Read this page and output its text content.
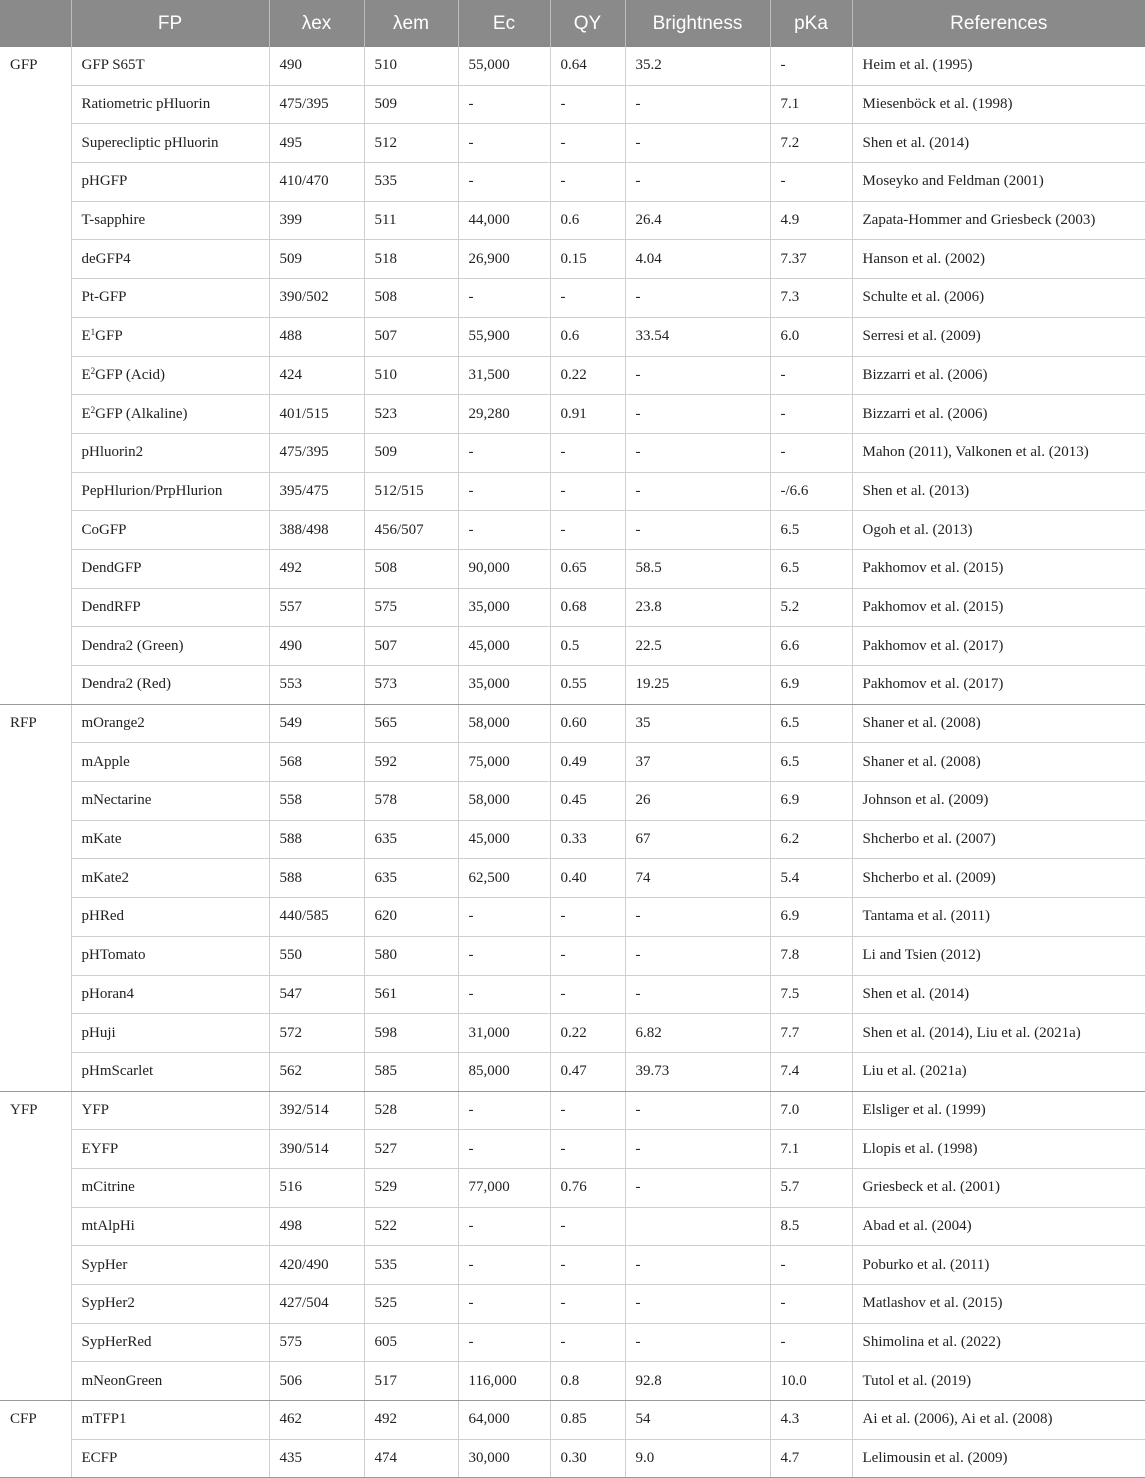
	FP	λex	λem	Ec	QY	Brightness	pKa	References
GFP	GFP S65T	490	510	55,000	0.64	35.2	-	Heim et al. (1995)
	Ratiometric pHluorin	475/395	509	-	-	-	7.1	Miesenböck et al. (1998)
	Superecliptic pHluorin	495	512	-	-	-	7.2	Shen et al. (2014)
	pHGFP	410/470	535	-	-	-	-	Moseyko and Feldman (2001)
	T-sapphire	399	511	44,000	0.6	26.4	4.9	Zapata-Hommer and Griesbeck (2003)
	deGFP4	509	518	26,900	0.15	4.04	7.37	Hanson et al. (2002)
	Pt-GFP	390/502	508	-	-	-	7.3	Schulte et al. (2006)
	$E^1GFP$	488	507	55,900	0.6	33.54	6.0	Serresi et al. (2009)
	$E^2GFP$ (Acid)	424	510	31,500	0.22	-	-	Bizzarri et al. (2006)
	$E^2GFP$ (Alkaline)	401/515	523	29,280	0.91	-	-	Bizzarri et al. (2006)
	pHluorin2	475/395	509	-	-	-	-	Mahon (2011), Valkonen et al. (2013)
	PepHlurion/PrpHlurion	395/475	512/515	-	-	-	-/6.6	Shen et al. (2013)
	CoGFP	388/498	456/507	-	-	-	6.5	Ogoh et al. (2013)
	DendGFP	492	508	90,000	0.65	58.5	6.5	Pakhomov et al. (2015)
	DendRFP	557	575	35,000	0.68	23.8	5.2	Pakhomov et al. (2015)
	Dendra2 (Green)	490	507	45,000	0.5	22.5	6.6	Pakhomov et al. (2017)
	Dendra2 (Red)	553	573	35,000	0.55	19.25	6.9	Pakhomov et al. (2017)
RFP	mOrange2	549	565	58,000	0.60	35	6.5	Shaner et al. (2008)
	mApple	568	592	75,000	0.49	37	6.5	Shaner et al. (2008)
	mNectarine	558	578	58,000	0.45	26	6.9	Johnson et al. (2009)
	mKate	588	635	45,000	0.33	67	6.2	Shcherbo et al. (2007)
	mKate2	588	635	62,500	0.40	74	5.4	Shcherbo et al. (2009)
	pHRed	440/585	620	-	-	-	6.9	Tantama et al. (2011)
	pHTomato	550	580	-	-	-	7.8	Li and Tsien (2012)
	pHoran4	547	561	-	-	-	7.5	Shen et al. (2014)
	pHuji	572	598	31,000	0.22	6.82	7.7	Shen et al. (2014), Liu et al. (2021a)
	pHmScarlet	562	585	85,000	0.47	39.73	7.4	Liu et al. (2021a)
YFP	YFP	392/514	528	-	-	-	7.0	Elsliger et al. (1999)
	EYFP	390/514	527	-	-	-	7.1	Llopis et al. (1998)
	mCitrine	516	529	77,000	0.76	-	5.7	Griesbeck et al. (2001)
	mtAlpHi	498	522	-	-		8.5	Abad et al. (2004)
	SypHer	420/490	535	-	-	-	-	Poburko et al. (2011)
	SypHer2	427/504	525	-	-	-	-	Matlashov et al. (2015)
	SypHerRed	575	605	-	-	-	-	Shimolina et al. (2022)
	mNeonGreen	506	517	116,000	0.8	92.8	10.0	Tutol et al. (2019)
CFP	mTFP1	462	492	64,000	0.85	54	4.3	Ai et al. (2006), Ai et al. (2008)
	ECFP	435	474	30,000	0.30	9.0	4.7	Lelimousin et al. (2009)
